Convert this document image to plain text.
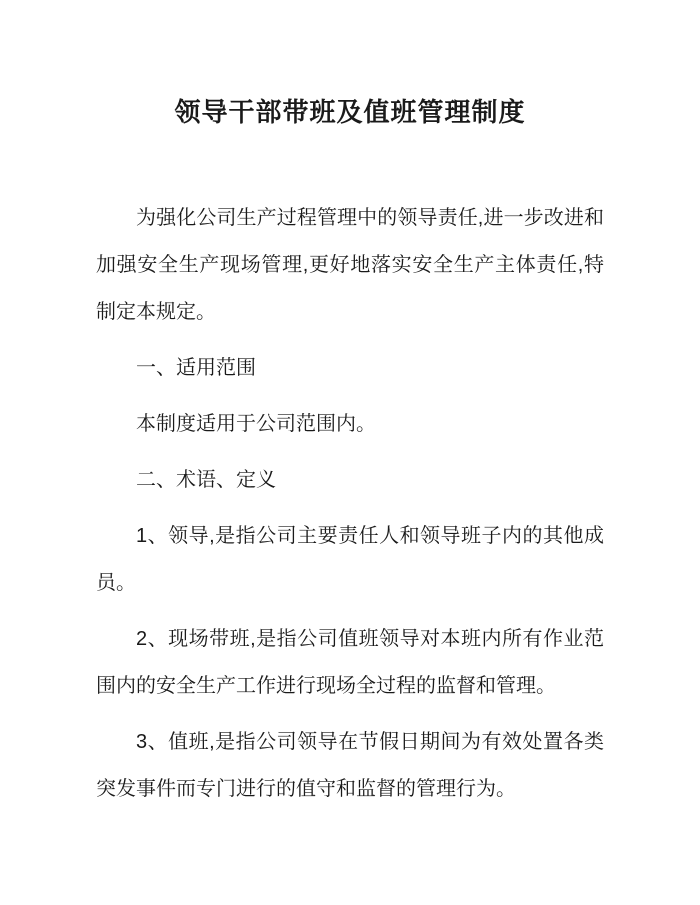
领导干部带班及值班管理制度

为强化公司生产过程管理中的领导责任,进一步改进和加强安全生产现场管理,更好地落实安全生产主体责任,特制定本规定。

一、适用范围

本制度适用于公司范围内。

二、术语、定义

1、领导,是指公司主要责任人和领导班子内的其他成员。

2、现场带班,是指公司值班领导对本班内所有作业范围内的安全生产工作进行现场全过程的监督和管理。

3、值班,是指公司领导在节假日期间为有效处置各类突发事件而专门进行的值守和监督的管理行为。
